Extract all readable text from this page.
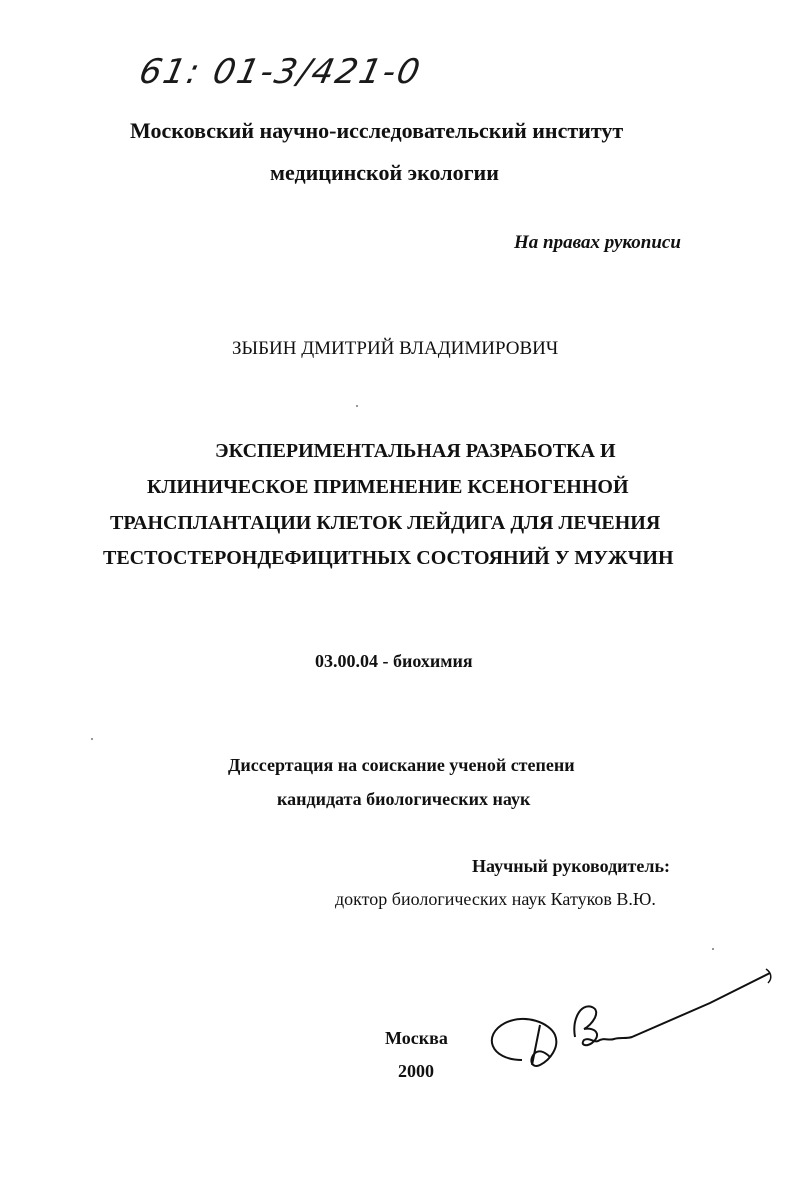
61: 01-3/421-0
Московский научно-исследовательский институт
медицинской экологии
На правах рукописи
ЗЫБИН ДМИТРИЙ ВЛАДИМИРОВИЧ
ЭКСПЕРИМЕНТАЛЬНАЯ РАЗРАБОТКА И
КЛИНИЧЕСКОЕ ПРИМЕНЕНИЕ КСЕНОГЕННОЙ
ТРАНСПЛАНТАЦИИ КЛЕТОК ЛЕЙДИГА ДЛЯ ЛЕЧЕНИЯ
ТЕСТОСТЕРОНДЕФИЦИТНЫХ СОСТОЯНИЙ У МУЖЧИН
03.00.04 - биохимия
Диссертация на соискание ученой степени
кандидата биологических наук
Научный руководитель:
доктор биологических наук Катуков В.Ю.
Москва
2000
